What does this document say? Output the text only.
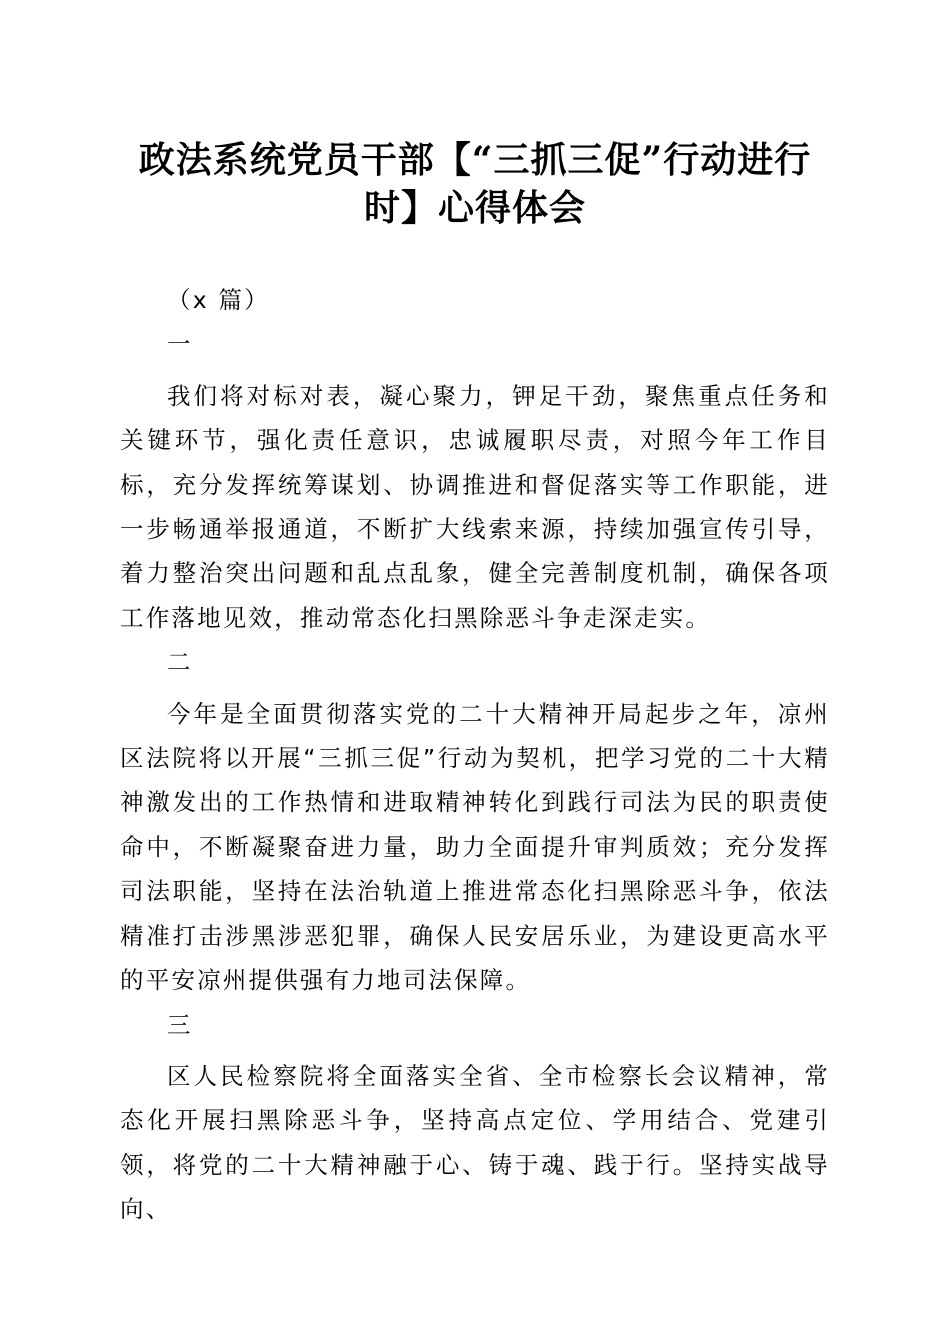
政法系统党员干部【“三抓三促”行动进行
时】心得体会

（x 篇）

一

我们将对标对表，凝心聚力，钾足干劲，聚焦重点任务和关键环节，强化责任意识，忠诚履职尽责，对照今年工作目标，充分发挥统筹谋划、协调推进和督促落实等工作职能，进一步畅通举报通道，不断扩大线索来源，持续加强宣传引导，着力整治突出问题和乱点乱象，健全完善制度机制，确保各项工作落地见效，推动常态化扫黑除恶斗争走深走实。

二

今年是全面贯彻落实党的二十大精神开局起步之年，凉州区法院将以开展“三抓三促”行动为契机，把学习党的二十大精神激发出的工作热情和进取精神转化到践行司法为民的职责使命中，不断凝聚奋进力量，助力全面提升审判质效；充分发挥司法职能，坚持在法治轨道上推进常态化扫黑除恶斗争，依法精准打击涉黑涉恶犯罪，确保人民安居乐业，为建设更高水平的平安凉州提供强有力地司法保障。

三

区人民检察院将全面落实全省、全市检察长会议精神，常态化开展扫黑除恶斗争，坚持高点定位、学用结合、党建引领，将党的二十大精神融于心、铸于魂、践于行。坚持实战导向、
